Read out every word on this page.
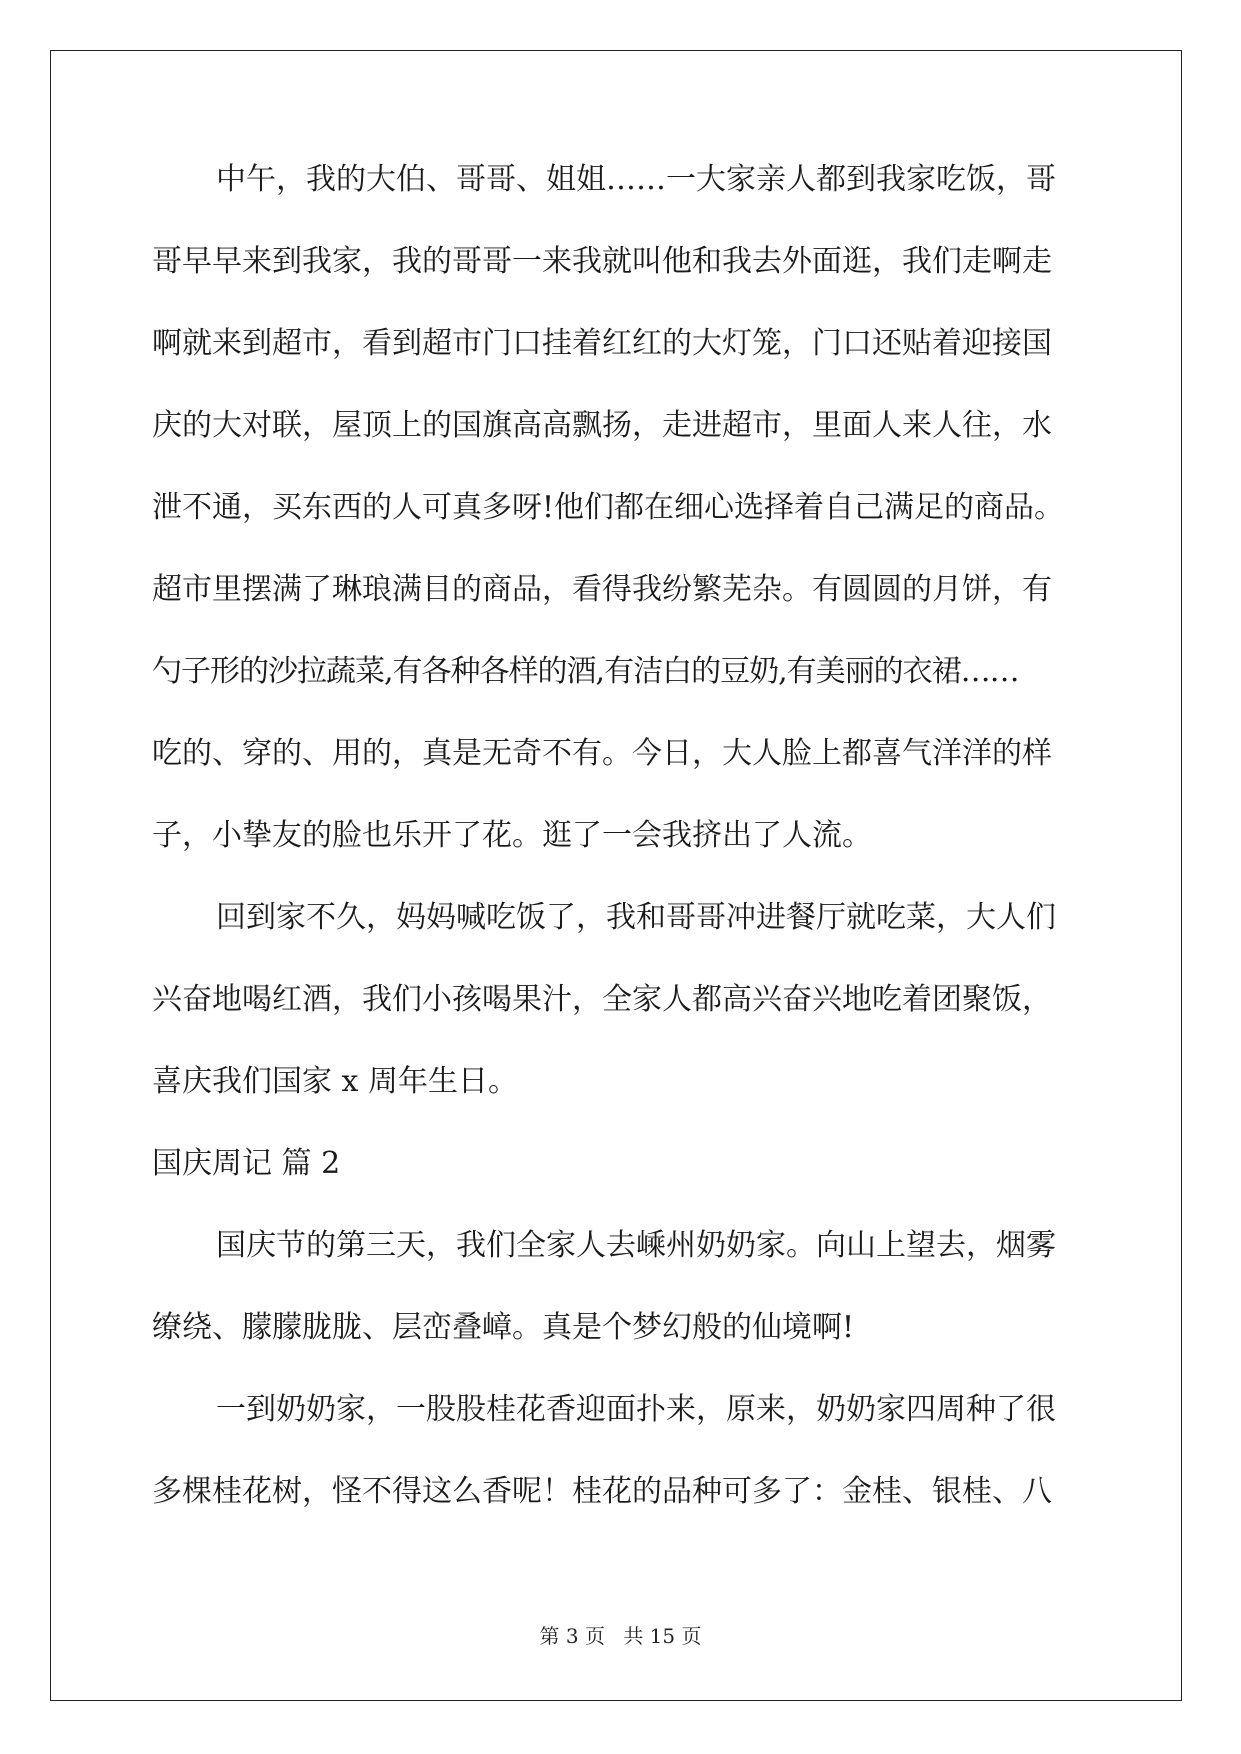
中午，我的大伯、哥哥、姐姐……一大家亲人都到我家吃饭，哥
哥早早来到我家，我的哥哥一来我就叫他和我去外面逛，我们走啊走
啊就来到超市，看到超市门口挂着红红的大灯笼，门口还贴着迎接国
庆的大对联，屋顶上的国旗高高飘扬，走进超市，里面人来人往，水
泄不通，买东西的人可真多呀!他们都在细心选择着自己满足的商品。
超市里摆满了琳琅满目的商品，看得我纷繁芜杂。有圆圆的月饼，有
勺子形的沙拉蔬菜,有各种各样的酒,有洁白的豆奶,有美丽的衣裙……
吃的、穿的、用的，真是无奇不有。今日，大人脸上都喜气洋洋的样
子，小挚友的脸也乐开了花。逛了一会我挤出了人流。
回到家不久，妈妈喊吃饭了，我和哥哥冲进餐厅就吃菜，大人们
兴奋地喝红酒，我们小孩喝果汁，全家人都高兴奋兴地吃着团聚饭，
喜庆我们国家 x 周年生日。
国庆周记 篇 2
国庆节的第三天，我们全家人去嵊州奶奶家。向山上望去，烟雾
缭绕、朦朦胧胧、层峦叠嶂。真是个梦幻般的仙境啊!
一到奶奶家，一股股桂花香迎面扑来，原来，奶奶家四周种了很
多棵桂花树，怪不得这么香呢！桂花的品种可多了：金桂、银桂、八
第 3 页 共 15 页
